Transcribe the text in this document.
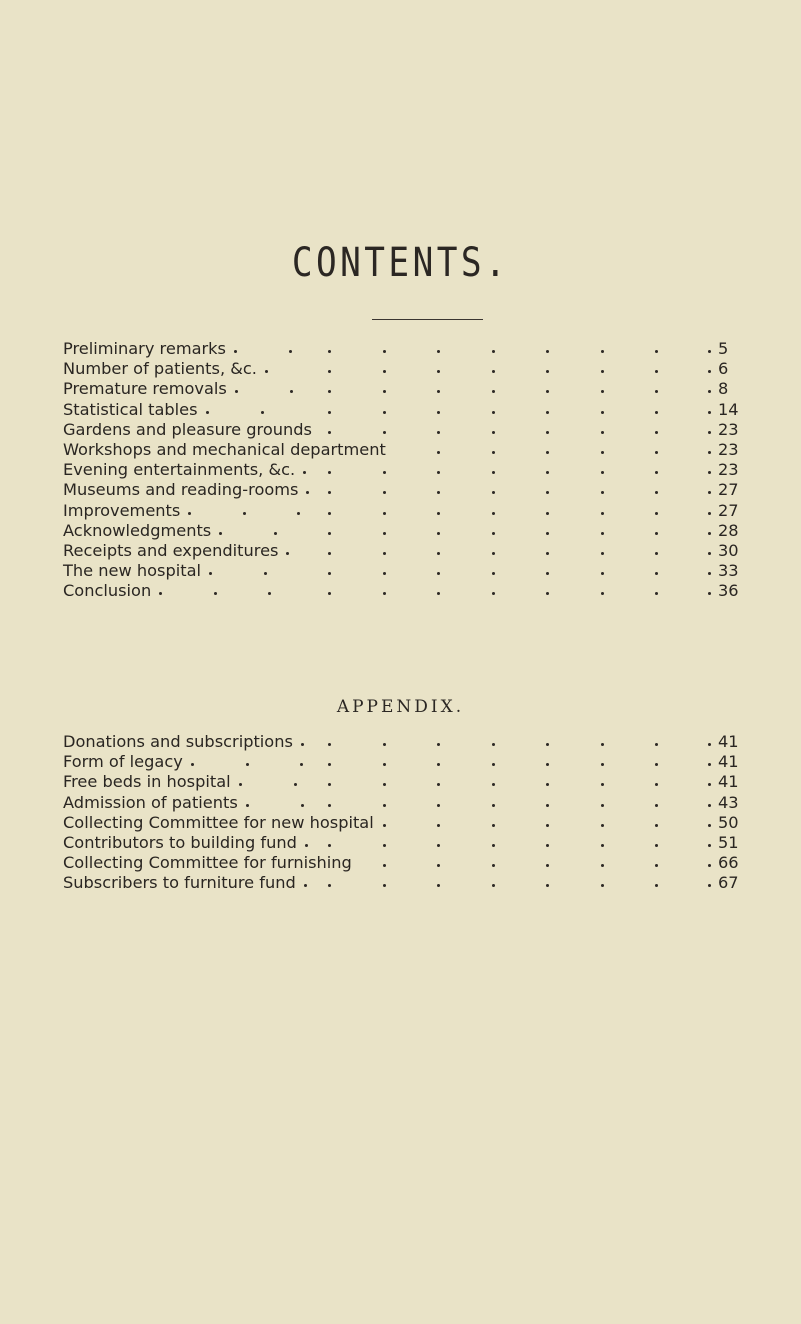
CONTENTS.
Preliminary remarks	5
Number of patients, &c.	6
Premature removals	8
Statistical tables	14
Gardens and pleasure grounds	23
Workshops and mechanical department	23
Evening entertainments, &c.	23
Museums and reading-rooms	27
Improvements	27
Acknowledgments	28
Receipts and expenditures	30
The new hospital	33
Conclusion	36
APPENDIX.
Donations and subscriptions	41
Form of legacy	41
Free beds in hospital	41
Admission of patients	43
Collecting Committee for new hospital	50
Contributors to building fund	51
Collecting Committee for furnishing	66
Subscribers to furniture fund	67
